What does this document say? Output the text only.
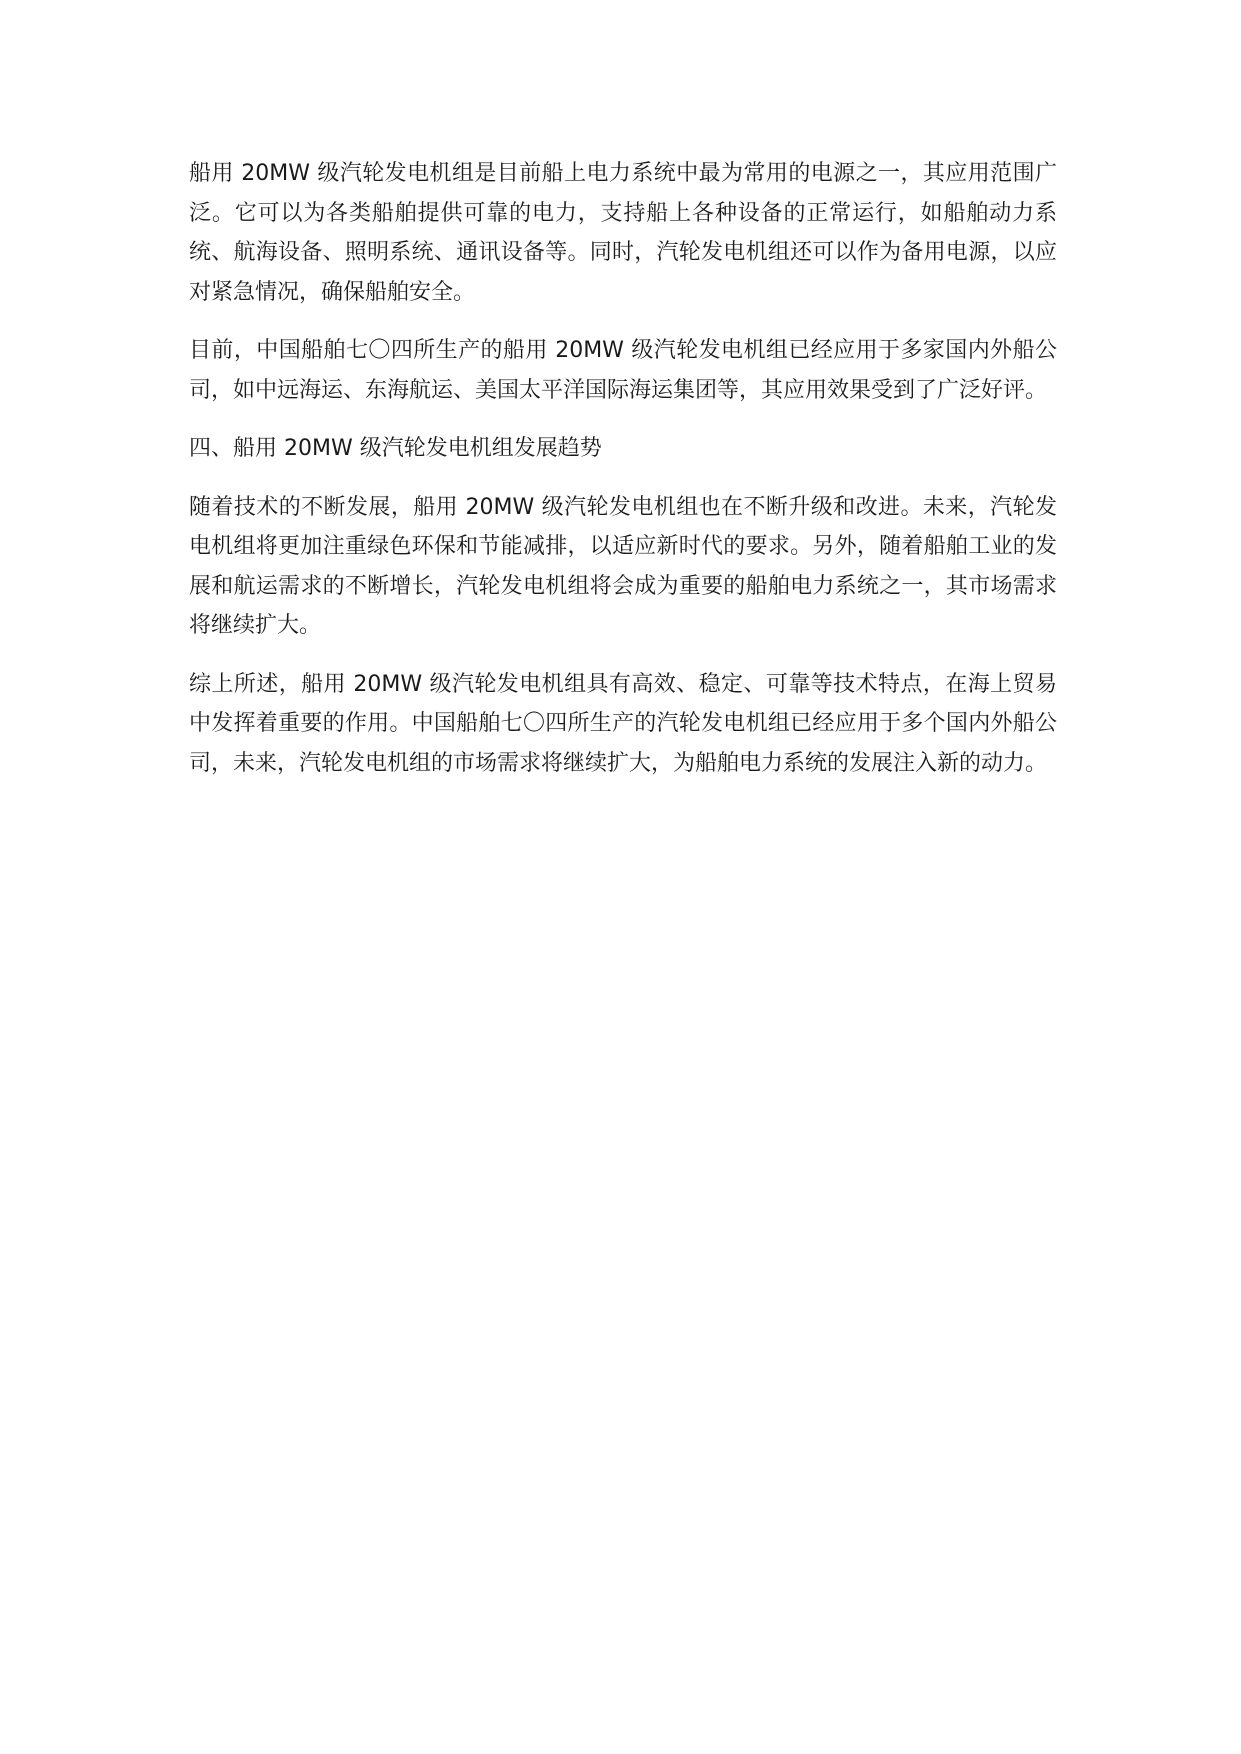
船用 20MW 级汽轮发电机组是目前船上电力系统中最为常用的电源之一，其应用范围广泛。它可以为各类船舶提供可靠的电力，支持船上各种设备的正常运行，如船舶动力系统、航海设备、照明系统、通讯设备等。同时，汽轮发电机组还可以作为备用电源，以应对紧急情况，确保船舶安全。

目前，中国船舶七〇四所生产的船用 20MW 级汽轮发电机组已经应用于多家国内外船公司，如中远海运、东海航运、美国太平洋国际海运集团等，其应用效果受到了广泛好评。

四、船用 20MW 级汽轮发电机组发展趋势

随着技术的不断发展，船用 20MW 级汽轮发电机组也在不断升级和改进。未来，汽轮发电机组将更加注重绿色环保和节能减排，以适应新时代的要求。另外，随着船舶工业的发展和航运需求的不断增长，汽轮发电机组将会成为重要的船舶电力系统之一，其市场需求将继续扩大。

综上所述，船用 20MW 级汽轮发电机组具有高效、稳定、可靠等技术特点，在海上贸易中发挥着重要的作用。中国船舶七〇四所生产的汽轮发电机组已经应用于多个国内外船公司，未来，汽轮发电机组的市场需求将继续扩大，为船舶电力系统的发展注入新的动力。
